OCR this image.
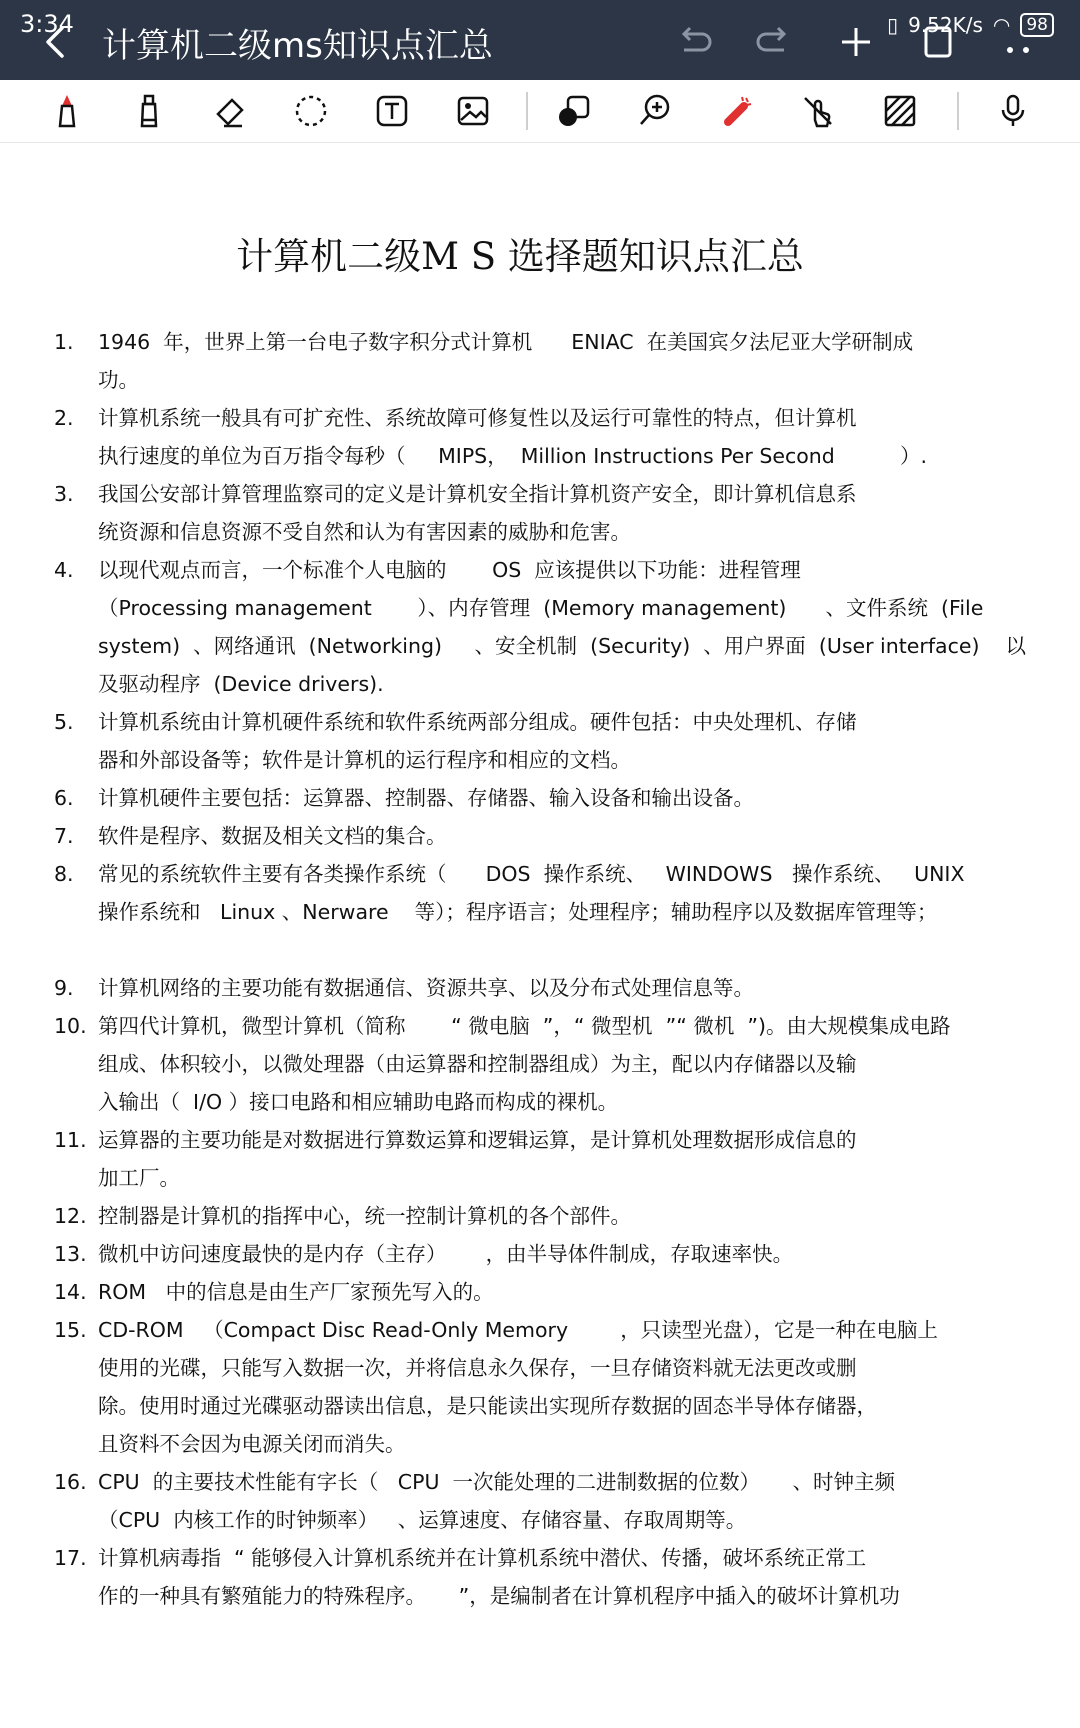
3:34
计算机二级ms知识点汇总
▯ 9.52K/s ◠ 98
计算机二级M S 选择题知识点汇总
1.	1946  年，世界上第一台电子数字积分式计算机      ENIAC  在美国宾夕法尼亚大学研制成
功。
2.	计算机系统一般具有可扩充性、系统故障可修复性以及运行可靠性的特点，但计算机
执行速度的单位为百万指令每秒（     MIPS，  Million Instructions Per Second          ）.
3.	我国公安部计算管理监察司的定义是计算机安全指计算机资产安全，即计算机信息系
统资源和信息资源不受自然和认为有害因素的威胁和危害。
4.	以现代观点而言，一个标准个人电脑的       OS  应该提供以下功能：进程管理
（Processing management       ）、内存管理  (Memory management)      、文件系统  (File
system)  、网络通讯  (Networking)     、安全机制  (Security)  、用户界面  (User interface)    以
及驱动程序  (Device drivers).
5.	计算机系统由计算机硬件系统和软件系统两部分组成。硬件包括：中央处理机、存储
器和外部设备等；软件是计算机的运行程序和相应的文档。
6.	计算机硬件主要包括：运算器、控制器、存储器、输入设备和输出设备。
7.	软件是程序、数据及相关文档的集合。
8.	常见的系统软件主要有各类操作系统（      DOS  操作系统、   WINDOWS   操作系统、   UNIX
操作系统和   Linux 、Nerware    等）；程序语言；处理程序；辅助程序以及数据库管理等；
9.	计算机网络的主要功能有数据通信、资源共享、以及分布式处理信息等。
10. 第四代计算机，微型计算机（简称       “ 微电脑  ”，“ 微型机  ”“ 微机  ”)。由大规模集成电路
组成、体积较小，以微处理器（由运算器和控制器组成）为主，配以内存储器以及输
入输出（  I/O ）接口电路和相应辅助电路而构成的裸机。
11. 运算器的主要功能是对数据进行算数运算和逻辑运算，是计算机处理数据形成信息的
加工厂。
12. 控制器是计算机的指挥中心，统一控制计算机的各个部件。
13. 微机中访问速度最快的是内存（主存）      ，由半导体件制成，存取速率快。
14. ROM   中的信息是由生产厂家预先写入的。
15. CD-ROM   （Compact Disc Read-Only Memory        ，只读型光盘），它是一种在电脑上
使用的光碟，只能写入数据一次，并将信息永久保存，一旦存储资料就无法更改或删
除。使用时通过光碟驱动器读出信息，是只能读出实现所存数据的固态半导体存储器，
且资料不会因为电源关闭而消失。
16. CPU  的主要技术性能有字长（   CPU  一次能处理的二进制数据的位数）     、时钟主频
（CPU  内核工作的时钟频率）   、运算速度、存储容量、存取周期等。
17. 计算机病毒指  “ 能够侵入计算机系统并在计算机系统中潜伏、传播，破坏系统正常工
作的一种具有繁殖能力的特殊程序。     ”，是编制者在计算机程序中插入的破坏计算机功
